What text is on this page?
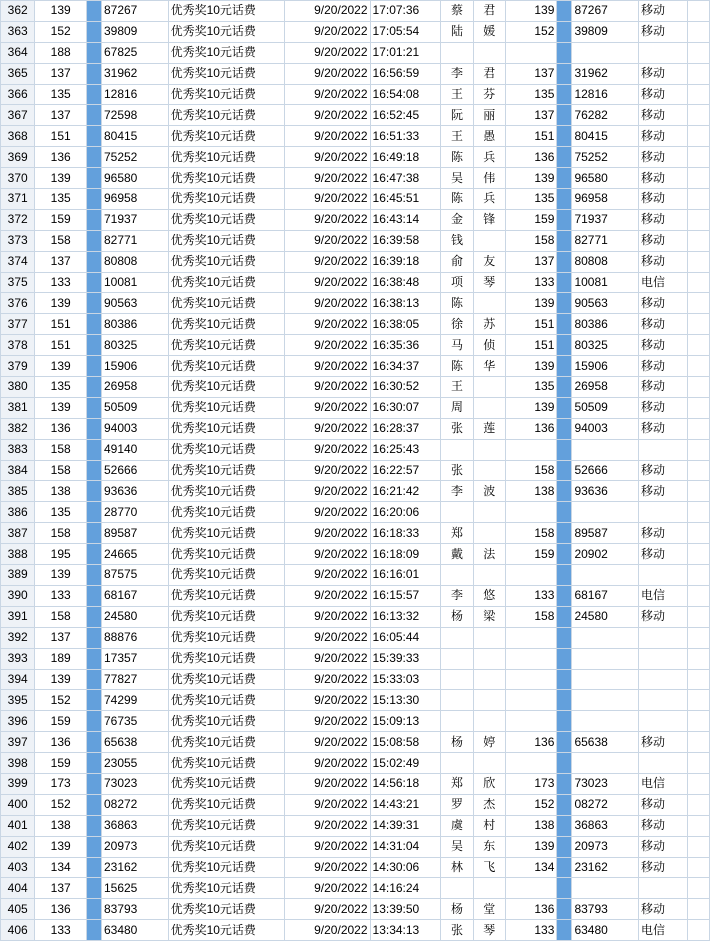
362	139		87267	优秀奖10元话费	9/20/2022	17:07:36	蔡	君	139		87267	移动	
363	152		39809	优秀奖10元话费	9/20/2022	17:05:54	陆	媛	152		39809	移动	
364	188		67825	优秀奖10元话费	9/20/2022	17:01:21							
365	137		31962	优秀奖10元话费	9/20/2022	16:56:59	李	君	137		31962	移动	
366	135		12816	优秀奖10元话费	9/20/2022	16:54:08	王	芬	135		12816	移动	
367	137		72598	优秀奖10元话费	9/20/2022	16:52:45	阮	丽	137		76282	移动	
368	151		80415	优秀奖10元话费	9/20/2022	16:51:33	王	愚	151		80415	移动	
369	136		75252	优秀奖10元话费	9/20/2022	16:49:18	陈	兵	136		75252	移动	
370	139		96580	优秀奖10元话费	9/20/2022	16:47:38	吴	伟	139		96580	移动	
371	135		96958	优秀奖10元话费	9/20/2022	16:45:51	陈	兵	135		96958	移动	
372	159		71937	优秀奖10元话费	9/20/2022	16:43:14	金	锋	159		71937	移动	
373	158		82771	优秀奖10元话费	9/20/2022	16:39:58	钱		158		82771	移动	
374	137		80808	优秀奖10元话费	9/20/2022	16:39:18	俞	友	137		80808	移动	
375	133		10081	优秀奖10元话费	9/20/2022	16:38:48	项	琴	133		10081	电信	
376	139		90563	优秀奖10元话费	9/20/2022	16:38:13	陈		139		90563	移动	
377	151		80386	优秀奖10元话费	9/20/2022	16:38:05	徐	苏	151		80386	移动	
378	151		80325	优秀奖10元话费	9/20/2022	16:35:36	马	侦	151		80325	移动	
379	139		15906	优秀奖10元话费	9/20/2022	16:34:37	陈	华	139		15906	移动	
380	135		26958	优秀奖10元话费	9/20/2022	16:30:52	王		135		26958	移动	
381	139		50509	优秀奖10元话费	9/20/2022	16:30:07	周		139		50509	移动	
382	136		94003	优秀奖10元话费	9/20/2022	16:28:37	张	莲	136		94003	移动	
383	158		49140	优秀奖10元话费	9/20/2022	16:25:43							
384	158		52666	优秀奖10元话费	9/20/2022	16:22:57	张		158		52666	移动	
385	138		93636	优秀奖10元话费	9/20/2022	16:21:42	李	波	138		93636	移动	
386	135		28770	优秀奖10元话费	9/20/2022	16:20:06							
387	158		89587	优秀奖10元话费	9/20/2022	16:18:33	郑		158		89587	移动	
388	195		24665	优秀奖10元话费	9/20/2022	16:18:09	戴	法	159		20902	移动	
389	139		87575	优秀奖10元话费	9/20/2022	16:16:01							
390	133		68167	优秀奖10元话费	9/20/2022	16:15:57	李	悠	133		68167	电信	
391	158		24580	优秀奖10元话费	9/20/2022	16:13:32	杨	梁	158		24580	移动	
392	137		88876	优秀奖10元话费	9/20/2022	16:05:44							
393	189		17357	优秀奖10元话费	9/20/2022	15:39:33							
394	139		77827	优秀奖10元话费	9/20/2022	15:33:03							
395	152		74299	优秀奖10元话费	9/20/2022	15:13:30							
396	159		76735	优秀奖10元话费	9/20/2022	15:09:13							
397	136		65638	优秀奖10元话费	9/20/2022	15:08:58	杨	婷	136		65638	移动	
398	159		23055	优秀奖10元话费	9/20/2022	15:02:49							
399	173		73023	优秀奖10元话费	9/20/2022	14:56:18	郑	欣	173		73023	电信	
400	152		08272	优秀奖10元话费	9/20/2022	14:43:21	罗	杰	152		08272	移动	
401	138		36863	优秀奖10元话费	9/20/2022	14:39:31	虞	村	138		36863	移动	
402	139		20973	优秀奖10元话费	9/20/2022	14:31:04	吴	东	139		20973	移动	
403	134		23162	优秀奖10元话费	9/20/2022	14:30:06	林	飞	134		23162	移动	
404	137		15625	优秀奖10元话费	9/20/2022	14:16:24							
405	136		83793	优秀奖10元话费	9/20/2022	13:39:50	杨	堂	136		83793	移动	
406	133		63480	优秀奖10元话费	9/20/2022	13:34:13	张	琴	133		63480	电信	
